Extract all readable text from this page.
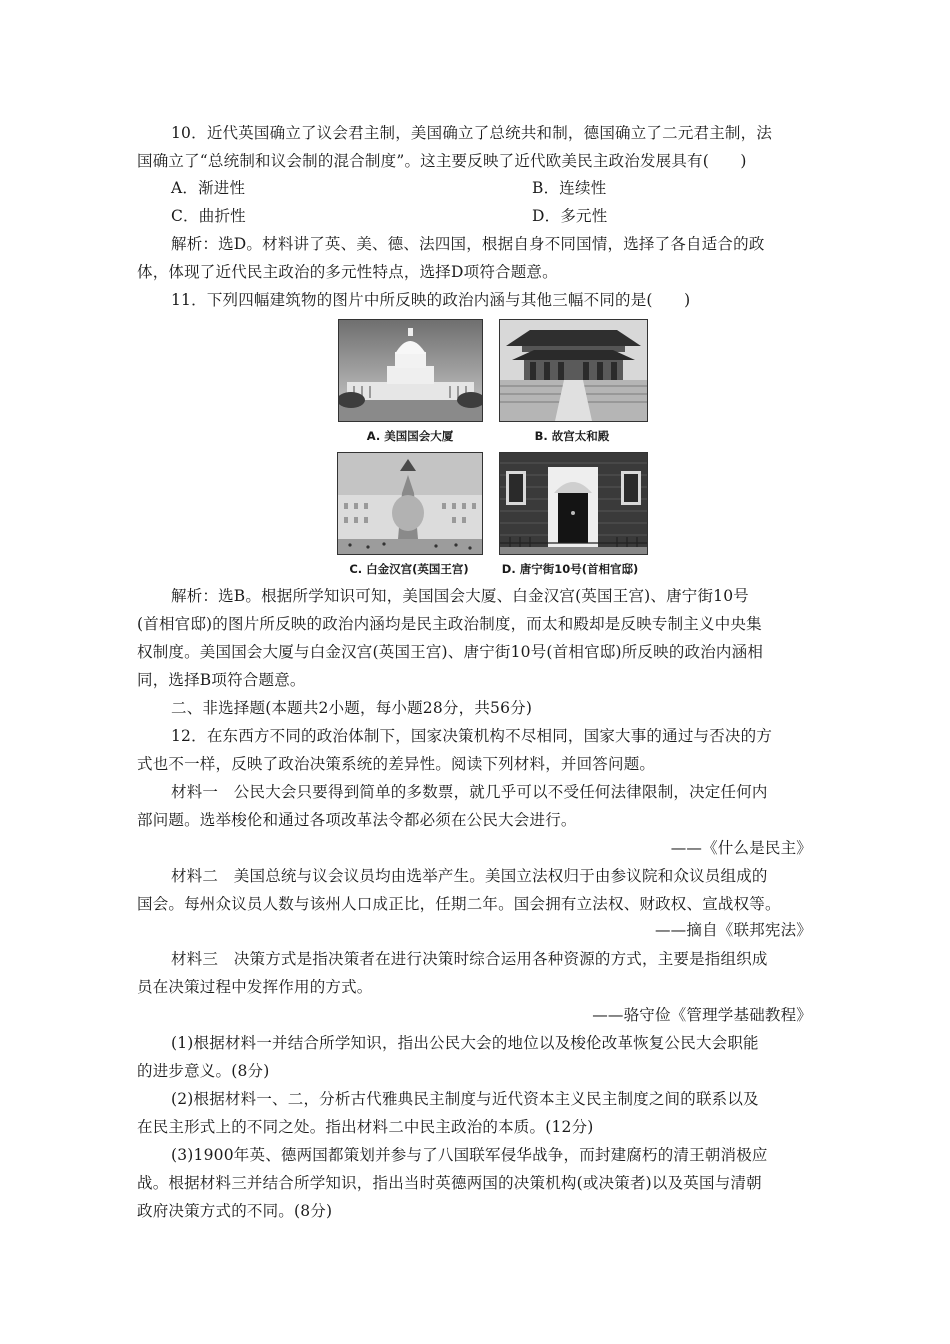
10．近代英国确立了议会君主制，美国确立了总统共和制，德国确立了二元君主制，法
国确立了“总统制和议会制的混合制度”。这主要反映了近代欧美民主政治发展具有(　　)
A．渐进性	B．连续性
C．曲折性	D．多元性
解析：选D。材料讲了英、美、德、法四国，根据自身不同国情，选择了各自适合的政
体，体现了近代民主政治的多元性特点，选择D项符合题意。
11．下列四幅建筑物的图片中所反映的政治内涵与其他三幅不同的是(　　)
A. 美国国会大厦	B. 故宫太和殿
C. 白金汉宫(英国王宫)	D. 唐宁街10号(首相官邸)
解析：选B。根据所学知识可知，美国国会大厦、白金汉宫(英国王宫)、唐宁街10号
(首相官邸)的图片所反映的政治内涵均是民主政治制度，而太和殿却是反映专制主义中央集
权制度。美国国会大厦与白金汉宫(英国王宫)、唐宁街10号(首相官邸)所反映的政治内涵相
同，选择B项符合题意。
二、非选择题(本题共2小题，每小题28分，共56分)
12．在东西方不同的政治体制下，国家决策机构不尽相同，国家大事的通过与否决的方
式也不一样，反映了政治决策系统的差异性。阅读下列材料，并回答问题。
材料一　公民大会只要得到简单的多数票，就几乎可以不受任何法律限制，决定任何内
部问题。选举梭伦和通过各项改革法令都必须在公民大会进行。
——《什么是民主》
材料二　美国总统与议会议员均由选举产生。美国立法权归于由参议院和众议员组成的
国会。每州众议员人数与该州人口成正比，任期二年。国会拥有立法权、财政权、宣战权等。
——摘自《联邦宪法》
材料三　决策方式是指决策者在进行决策时综合运用各种资源的方式，主要是指组织成
员在决策过程中发挥作用的方式。
——骆守俭《管理学基础教程》
(1)根据材料一并结合所学知识，指出公民大会的地位以及梭伦改革恢复公民大会职能
的进步意义。(8分)
(2)根据材料一、二，分析古代雅典民主制度与近代资本主义民主制度之间的联系以及
在民主形式上的不同之处。指出材料二中民主政治的本质。(12分)
(3)1900年英、德两国都策划并参与了八国联军侵华战争，而封建腐朽的清王朝消极应
战。根据材料三并结合所学知识，指出当时英德两国的决策机构(或决策者)以及英国与清朝
政府决策方式的不同。(8分)
